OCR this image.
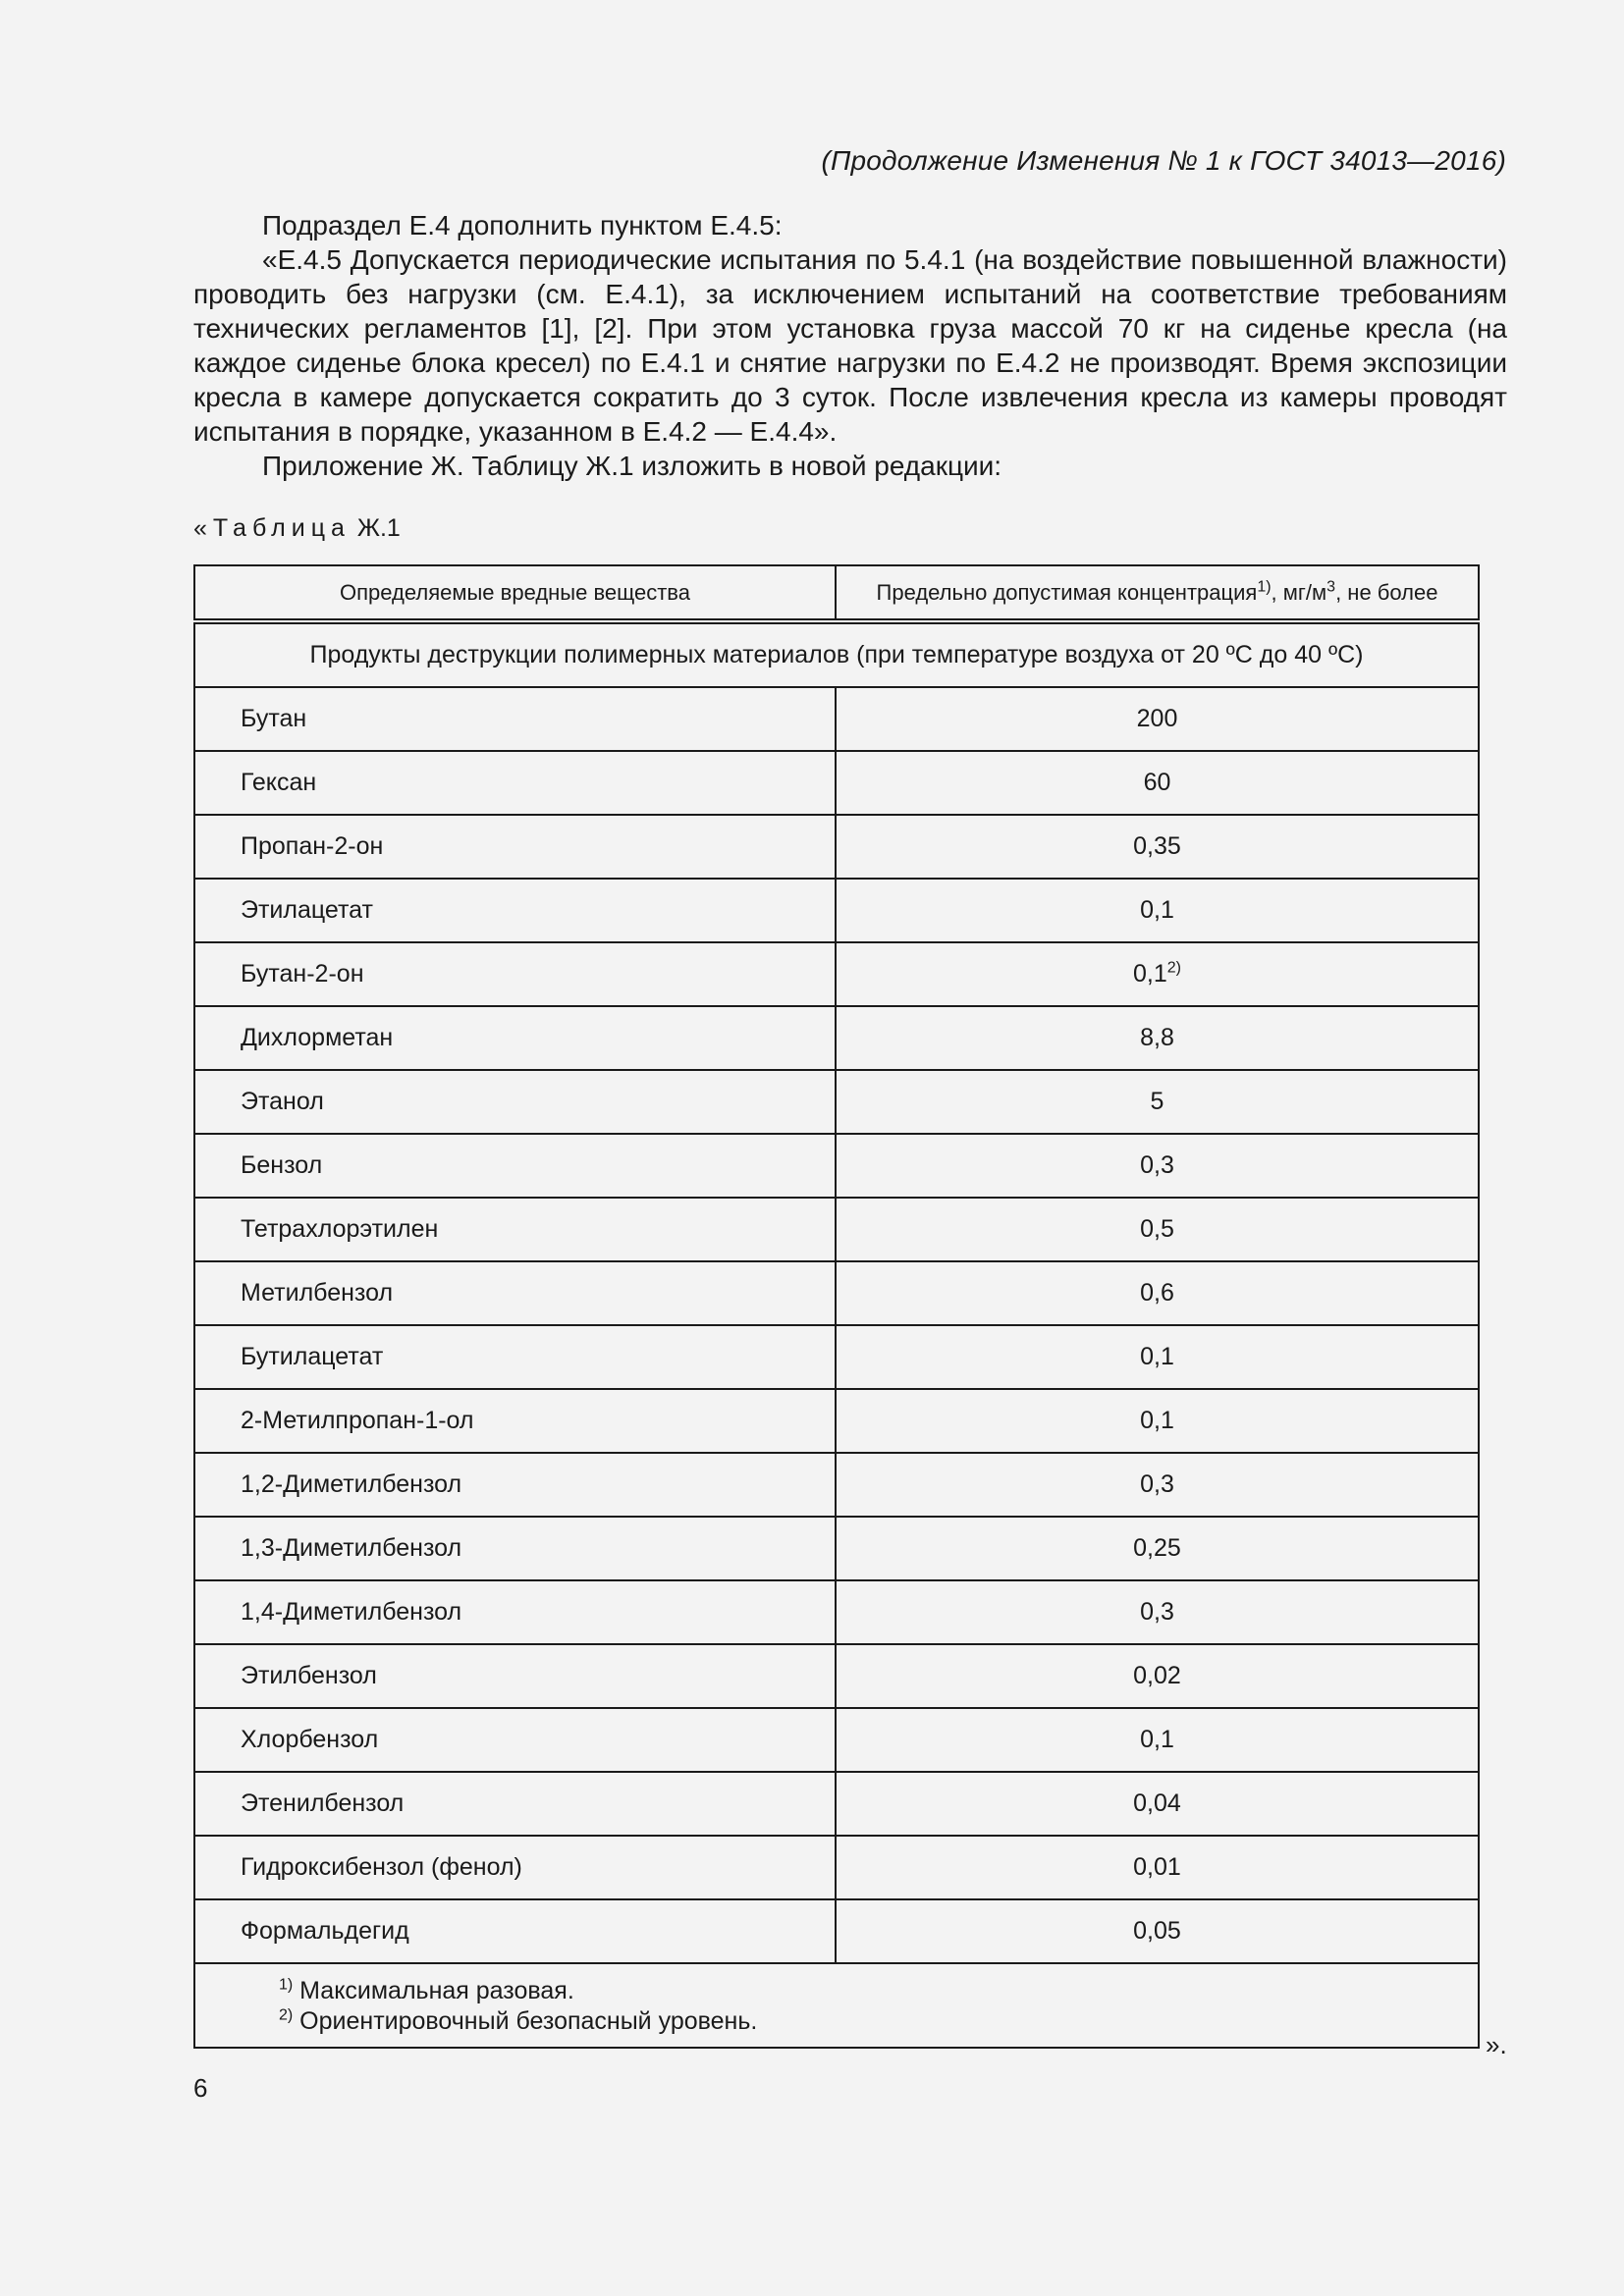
(Продолжение Изменения № 1 к ГОСТ 34013—2016)

Подраздел Е.4 дополнить пунктом Е.4.5:

«Е.4.5 Допускается периодические испытания по 5.4.1 (на воздействие повышенной влажности) проводить без нагрузки (см. Е.4.1), за исключением испытаний на соответствие требованиям технических регламентов [1], [2]. При этом установка груза массой 70 кг на сиденье кресла (на каждое сиденье блока кресел) по Е.4.1 и снятие нагрузки по Е.4.2 не производят. Время экспозиции кресла в камере допускается сократить до 3 суток. После извлечения кресла из камеры проводят испытания в порядке, указанном в Е.4.2 — Е.4.4».

Приложение Ж. Таблицу Ж.1 изложить в новой редакции:

«Таблица Ж.1
Определяемые вредные вещества	Предельно допустимая концентрация$^{1)}$, $мг/м^3$, не более
Продукты деструкции полимерных материалов (при температуре воздуха от 20 ºС до 40 ºС)	
Бутан	200
Гексан	60
Пропан-2-он	0,35
Этилацетат	0,1
Бутан-2-он	0,1$^{2)}$
Дихлорметан	8,8
Этанол	5
Бензол	0,3
Тетрахлорэтилен	0,5
Метилбензол	0,6
Бутилацетат	0,1
2-Метилпропан-1-ол	0,1
1,2-Диметилбензол	0,3
1,3-Диметилбензол	0,25
1,4-Диметилбензол	0,3
Этилбензол	0,02
Хлорбензол	0,1
Этенилбензол	0,04
Гидроксибензол (фенол)	0,01
Формальдегид	0,05

$^{1)}$ Максимальная разовая.
$^{2)}$ Ориентировочный безопасный уровень.	
».
6
